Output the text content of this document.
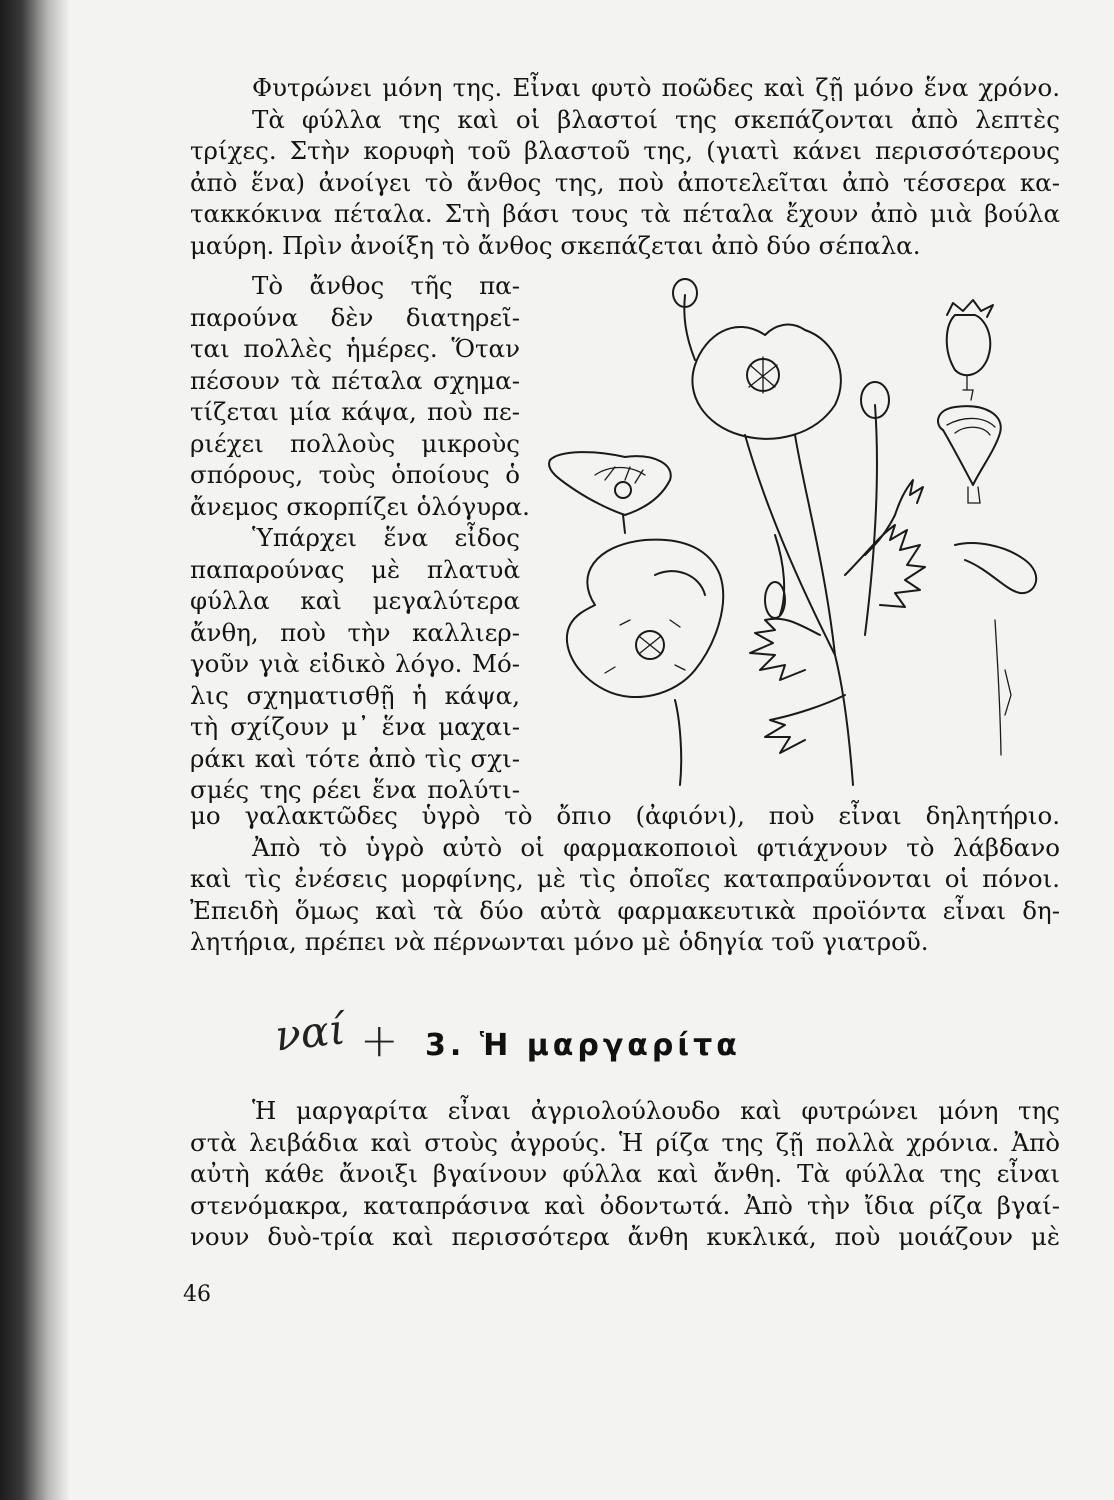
Φυτρώνει μόνη της. Εἶναι φυτὸ ποῶδες καὶ ζῇ μόνο ἕνα χρόνο.
Τὰ φύλλα της καὶ οἱ βλαστοί της σκεπάζονται ἀπὸ λεπτὲς
τρίχες. Στὴν κορυφὴ τοῦ βλαστοῦ της, (γιατὶ κάνει περισσότερους
ἀπὸ ἕνα) ἀνοίγει τὸ ἄνθος της, ποὺ ἀποτελεῖται ἀπὸ τέσσερα κα-
τακκόκινα πέταλα. Στὴ βάσι τους τὰ πέταλα ἔχουν ἀπὸ μιὰ βούλα
μαύρη. Πρὶν ἀνοίξη τὸ ἄνθος σκεπάζεται ἀπὸ δύο σέπαλα.
Τὸ ἄνθος τῆς πα-
παρούνα δὲν διατηρεῖ-
ται πολλὲς ἡμέρες. Ὅταν
πέσουν τὰ πέταλα σχημα-
τίζεται μία κάψα, ποὺ πε-
ριέχει πολλοὺς μικροὺς
σπόρους, τοὺς ὁποίους ὁ
ἄνεμος σκορπίζει ὁλόγυρα.
Ὑπάρχει ἕνα εἶδος
παπαρούνας μὲ πλατυὰ
φύλλα καὶ μεγαλύτερα
ἄνθη, ποὺ τὴν καλλιερ-
γοῦν γιὰ εἰδικὸ λόγο. Μό-
λις σχηματισθῇ ἡ κάψα,
τὴ σχίζουν μ᾿ ἕνα μαχαι-
ράκι καὶ τότε ἀπὸ τὶς σχι-
σμές της ρέει ἕνα πολύτι-
μο γαλακτῶδες ὑγρὸ τὸ ὄπιο (ἀφιόνι), ποὺ εἶναι δηλητήριο.
Ἀπὸ τὸ ὑγρὸ αὐτὸ οἱ φαρμακοποιοὶ φτιάχνουν τὸ λάβδανο
καὶ τὶς ἐνέσεις μορφίνης, μὲ τὶς ὁποῖες καταπραΰνονται οἱ πόνοι.
Ἐπειδὴ ὅμως καὶ τὰ δύο αὐτὰ φαρμακευτικὰ προϊόντα εἶναι δη-
λητήρια, πρέπει νὰ πέρνωνται μόνο μὲ ὁδηγία τοῦ γιατροῦ.
ναί + 3. Ἡ μαργαρίτα
Ἡ μαργαρίτα εἶναι ἀγριολούλουδο καὶ φυτρώνει μόνη της
στὰ λειβάδια καὶ στοὺς ἀγρούς. Ἡ ρίζα της ζῇ πολλὰ χρόνια. Ἀπὸ
αὐτὴ κάθε ἄνοιξι βγαίνουν φύλλα καὶ ἄνθη. Τὰ φύλλα της εἶναι
στενόμακρα, καταπράσινα καὶ ὀδοντωτά. Ἀπὸ τὴν ἴδια ρίζα βγαί-
νουν δυὸ-τρία καὶ περισσότερα ἄνθη κυκλικά, ποὺ μοιάζουν μὲ
46
